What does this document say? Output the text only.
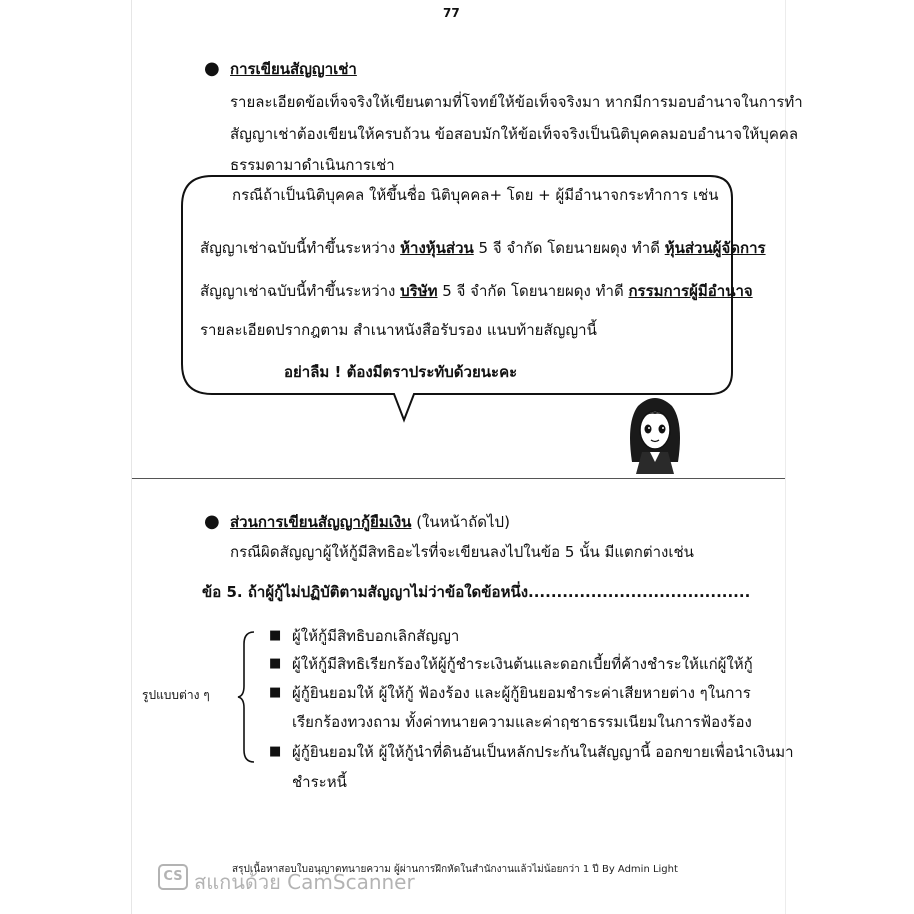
77
● การเขียนสัญญาเช่า
รายละเอียดข้อเท็จจริงให้เขียนตามที่โจทย์ให้ข้อเท็จจริงมา หากมีการมอบอำนาจในการทำ
สัญญาเช่าต้องเขียนให้ครบถ้วน ข้อสอบมักให้ข้อเท็จจริงเป็นนิติบุคคลมอบอำนาจให้บุคคล
ธรรมดามาดำเนินการเช่า
กรณีถ้าเป็นนิติบุคคล ให้ขึ้นชื่อ นิติบุคคล+ โดย + ผู้มีอำนาจกระทำการ เช่น
สัญญาเช่าฉบับนี้ทำขึ้นระหว่าง ห้างหุ้นส่วน 5 จี จำกัด โดยนายผดุง ทำดี หุ้นส่วนผู้จัดการ
สัญญาเช่าฉบับนี้ทำขึ้นระหว่าง บริษัท 5 จี จำกัด โดยนายผดุง ทำดี กรรมการผู้มีอำนาจ
รายละเอียดปรากฎตาม สำเนาหนังสือรับรอง แนบท้ายสัญญานี้
อย่าลืม ! ต้องมีตราประทับด้วยนะคะ
● ส่วนการเขียนสัญญากู้ยืมเงิน (ในหน้าถัดไป)
กรณีผิดสัญญาผู้ให้กู้มีสิทธิอะไรที่จะเขียนลงไปในข้อ 5 นั้น มีแตกต่างเช่น
ข้อ 5. ถ้าผู้กู้ไม่ปฏิบัติตามสัญญาไม่ว่าข้อใดข้อหนึ่ง.......................................
รูปแบบต่าง ๆ
■ ผู้ให้กู้มีสิทธิบอกเลิกสัญญา
■ ผู้ให้กู้มีสิทธิเรียกร้องให้ผู้กู้ชำระเงินต้นและดอกเบี้ยที่ค้างชำระให้แก่ผู้ให้กู้
■ ผู้กู้ยินยอมให้ ผู้ให้กู้ ฟ้องร้อง และผู้กู้ยินยอมชำระค่าเสียหายต่าง ๆในการ
เรียกร้องทวงถาม ทั้งค่าทนายความและค่าฤชาธรรมเนียมในการฟ้องร้อง
■ ผู้กู้ยินยอมให้ ผู้ให้กู้นำที่ดินอันเป็นหลักประกันในสัญญานี้ ออกขายเพื่อนำเงินมา
ชำระหนี้
สรุปเนื้อหาสอบใบอนุญาตทนายความ ผู้ผ่านการฝึกหัดในสำนักงานแล้วไม่น้อยกว่า 1 ปี By Admin Light
CS สแกนด้วย CamScanner
